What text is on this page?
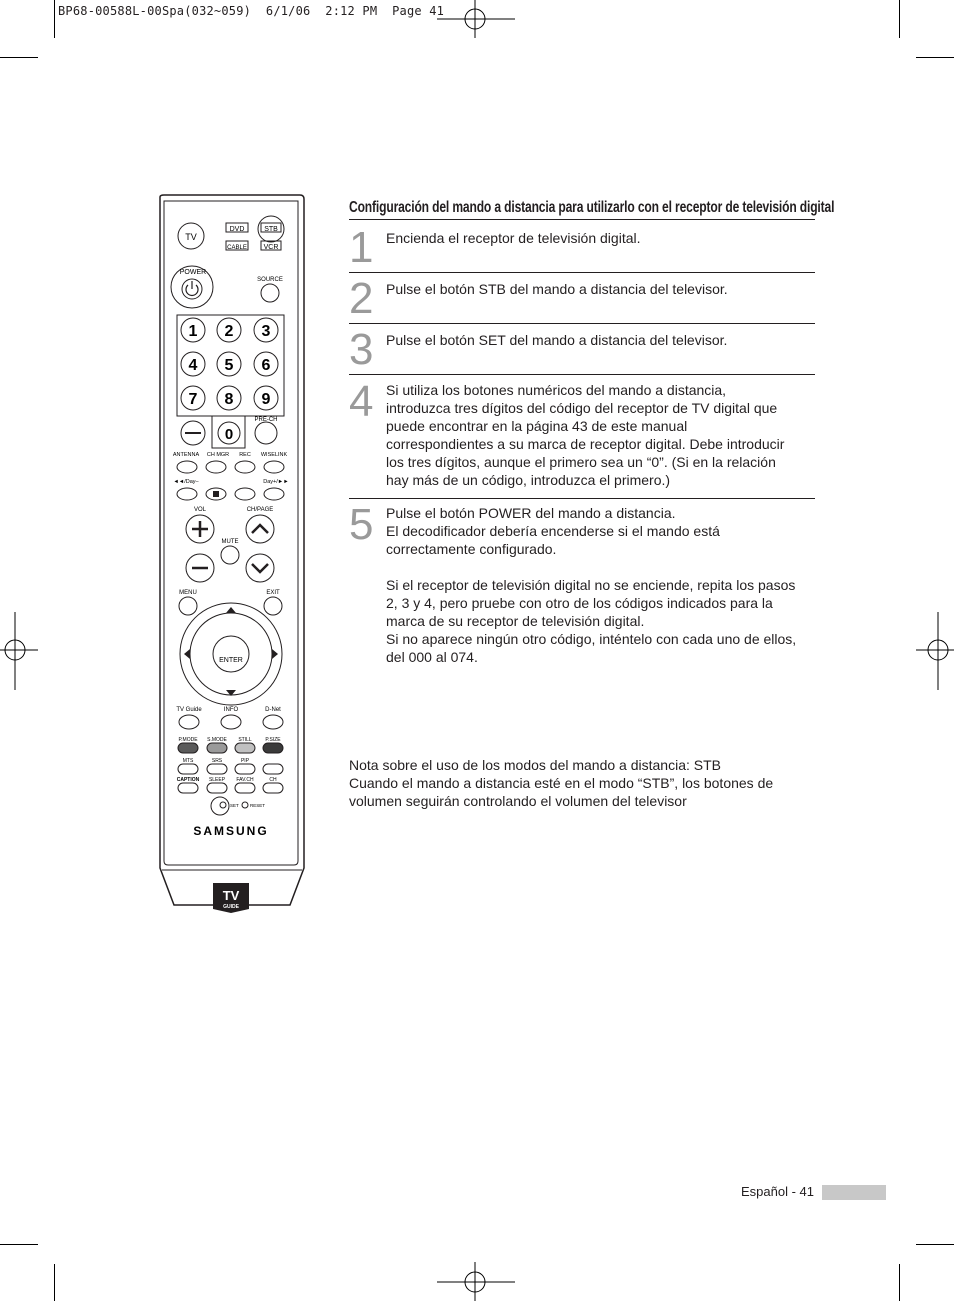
BP68-00588L-00Spa(032~059)  6/1/06  2:12 PM  Page 41
TV
DVD	STB
CABLE VCR
POWER
SOURCE
1 2 3
4 5 6
7 8 9
0
PRE-CH
ANTENNA CH MGR REC WISELINK
◄◄/Day–	Day+/►►
VOL	CH/PAGE
MUTE
MENU	EXIT
ENTER
TV Guide	INFO	D-Net
P.MODE S.MODE STILL	P.SIZE
MTS	SRS	PIP
CAPTION SLEEP FAV.CH	CH
SET RESET
SAMSUNG
TV
GUIDE
Configuración del mando a distancia para utilizarlo con el receptor de televisión digital
1 Encienda el receptor de televisión digital.

2 Pulse el botón STB del mando a distancia del televisor.

3 Pulse el botón SET del mando a distancia del televisor.

4 Si utiliza los botones numéricos del mando a distancia,

introduzca tres dígitos del código del receptor de TV digital que

puede encontrar en la página 43 de este manual

correspondientes a su marca de receptor digital. Debe introducir

los tres dígitos, aunque el primero sea un “0”. (Si en la relación

hay más de un código, introduzca el primero.)

5 Pulse el botón POWER del mando a distancia.

El decodificador debería encenderse si el mando está

correctamente configurado.

Si el receptor de televisión digital no se enciende, repita los pasos

2, 3 y 4, pero pruebe con otro de los códigos indicados para la

marca de su receptor de televisión digital.

Si no aparece ningún otro código, inténtelo con cada uno de ellos,

del 000 al 074.

Nota sobre el uso de los modos del mando a distancia: STB

Cuando el mando a distancia esté en el modo “STB”, los botones de

volumen seguirán controlando el volumen del televisor

Español - 41
